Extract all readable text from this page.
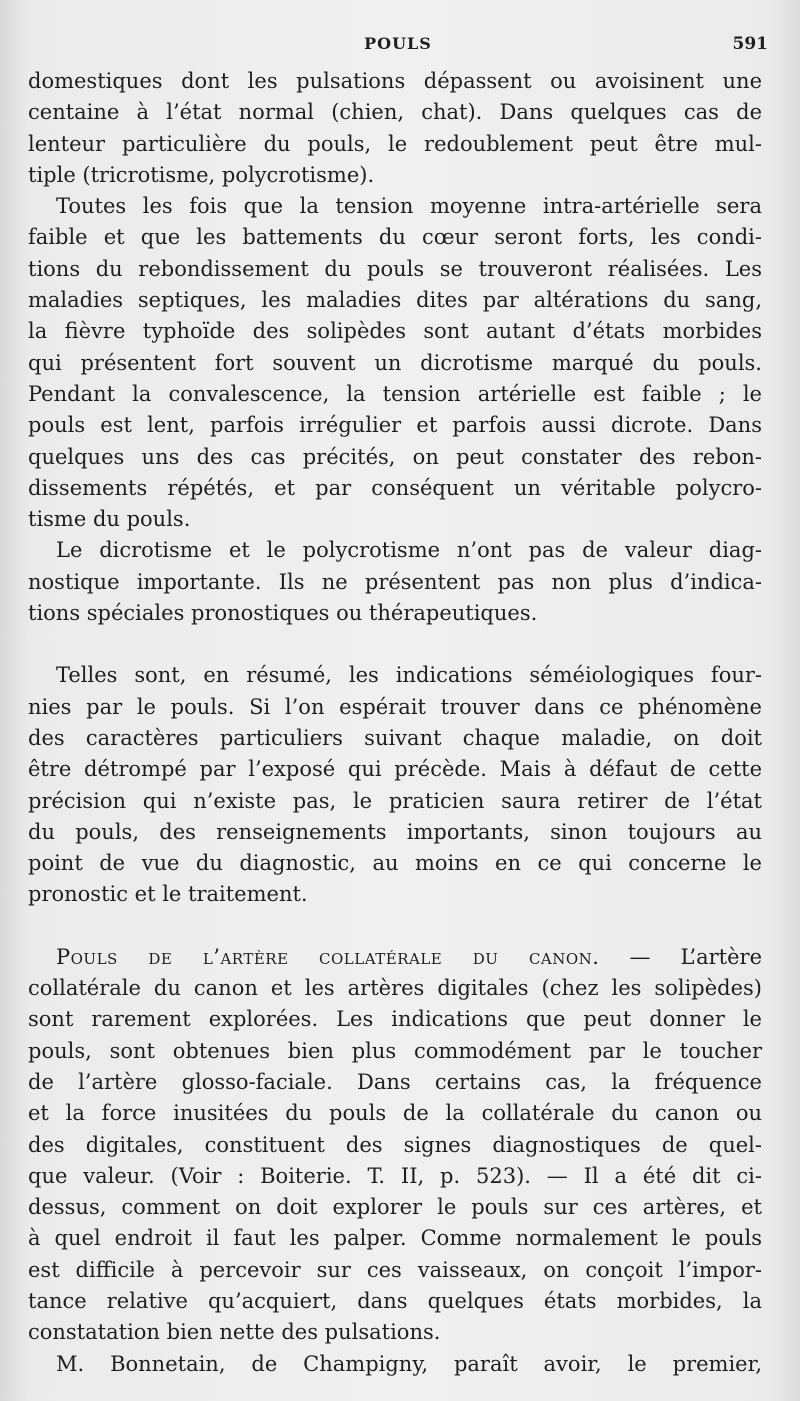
POULS	591
domestiques dont les pulsations dépassent ou avoisinent une
centaine à l’état normal (chien, chat). Dans quelques cas de
lenteur particulière du pouls, le redoublement peut être mul-
tiple (tricrotisme, polycrotisme).
Toutes les fois que la tension moyenne intra-artérielle sera
faible et que les battements du cœur seront forts, les condi-
tions du rebondissement du pouls se trouveront réalisées. Les
maladies septiques, les maladies dites par altérations du sang,
la fièvre typhoïde des solipèdes sont autant d’états morbides
qui présentent fort souvent un dicrotisme marqué du pouls.
Pendant la convalescence, la tension artérielle est faible ; le
pouls est lent, parfois irrégulier et parfois aussi dicrote. Dans
quelques uns des cas précités, on peut constater des rebon-
dissements répétés, et par conséquent un véritable polycro-
tisme du pouls.
Le dicrotisme et le polycrotisme n’ont pas de valeur diag-
nostique importante. Ils ne présentent pas non plus d’indica-
tions spéciales pronostiques ou thérapeutiques.
Telles sont, en résumé, les indications séméiologiques four-
nies par le pouls. Si l’on espérait trouver dans ce phénomène
des caractères particuliers suivant chaque maladie, on doit
être détrompé par l’exposé qui précède. Mais à défaut de cette
précision qui n’existe pas, le praticien saura retirer de l’état
du pouls, des renseignements importants, sinon toujours au
point de vue du diagnostic, au moins en ce qui concerne le
pronostic et le traitement.
Pouls de l’artère collatérale du canon. — L’artère
collatérale du canon et les artères digitales (chez les solipèdes)
sont rarement explorées. Les indications que peut donner le
pouls, sont obtenues bien plus commodément par le toucher
de l’artère glosso-faciale. Dans certains cas, la fréquence
et la force inusitées du pouls de la collatérale du canon ou
des digitales, constituent des signes diagnostiques de quel-
que valeur. (Voir : Boiterie. T. II, p. 523). — Il a été dit ci-
dessus, comment on doit explorer le pouls sur ces artères, et
à quel endroit il faut les palper. Comme normalement le pouls
est difficile à percevoir sur ces vaisseaux, on conçoit l’impor-
tance relative qu’acquiert, dans quelques états morbides, la
constatation bien nette des pulsations.
M. Bonnetain, de Champigny, paraît avoir, le premier,
